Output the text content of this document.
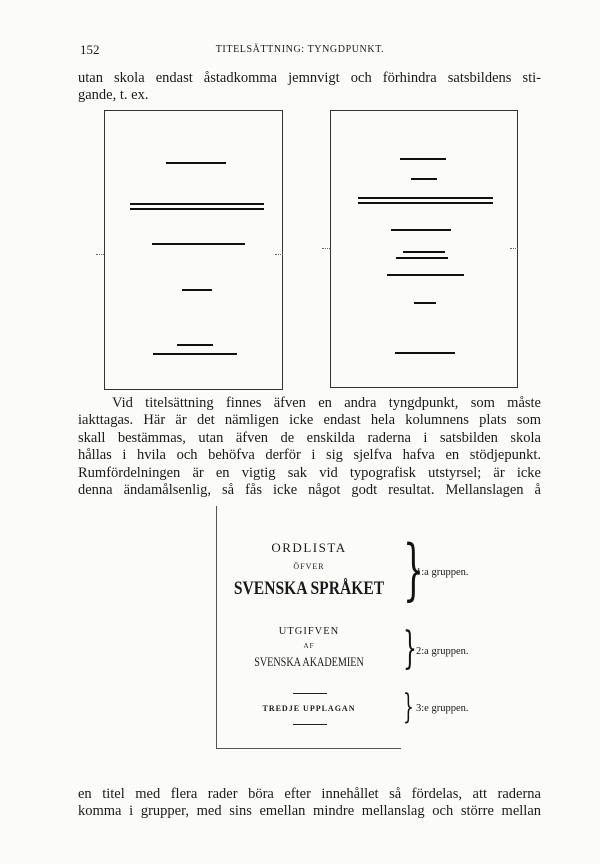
152	TITELSÄTTNING: TYNGDPUNKT.
utan skola endast åstadkomma jemnvigt och förhindra satsbildens sti-
gande, t. ex.
Vid titelsättning finnes äfven en andra tyngdpunkt, som måste
iakttagas. Här är det nämligen icke endast hela kolumnens plats som
skall bestämmas, utan äfven de enskilda raderna i satsbilden skola
hållas i hvila och behöfva derför i sig sjelfva hafva en stödjepunkt.
Rumfördelningen är en vigtig sak vid typografisk utstyrsel; är icke
denna ändamålsenlig, så fås icke något godt resultat. Mellanslagen å
ORDLISTA
ÖFVER
SVENSKA SPRÅKET
UTGIFVEN
AF
SVENSKA AKADEMIEN
TREDJE UPPLAGAN
}
1:a gruppen.
} 2:a gruppen.
} 3:e gruppen.
en titel med flera rader böra efter innehållet så fördelas, att raderna
komma i grupper, med sins emellan mindre mellanslag och större mellan
